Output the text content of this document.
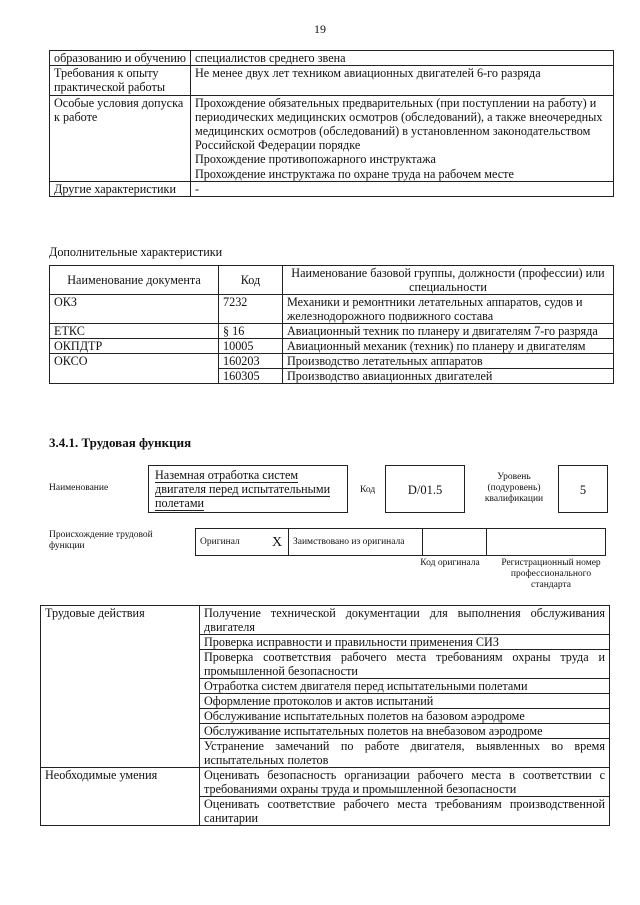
19
образованию и обучению	специалистов среднего звена

Требования к опыту практической работы	Не менее двух лет техником авиационных двигателей 6-го разряда

Особые условия допуска к работе	Прохождение обязательных предварительных (при поступлении на работу) и периодических медицинских осмотров (обследований), а также внеочередных медицинских осмотров (обследований) в установленном законодательством Российской Федерации порядке
Прохождение противопожарного инструктажа
Прохождение инструктажа по охране труда на рабочем месте

Другие характеристики	-
Дополнительные характеристики
Наименование документа	Код	Наименование базовой группы, должности (профессии) или специальности
ОКЗ	7232	Механики и ремонтники летательных аппаратов, судов и железнодорожного подвижного состава
ЕТКС	§ 16	Авиационный техник по планеру и двигателям 7-го разряда
ОКПДТР	10005	Авиационный механик (техник) по планеру и двигателям
ОКСО	160203	Производство летательных аппаратов
	160305	Производство авиационных двигателей
3.4.1. Трудовая функция
Наименование
Наземная отработка систем двигателя перед испытательными полетами
Код	D/01.5
Уровень (подуровень) квалификации
5
Происхождение трудовой функции	Оригинал	X	Заимствовано из оригинала		
Код оригинала	Регистрационный номер профессионального стандарта
Трудовые действия	Получение технической документации для выполнения обслуживания двигателя
	Проверка исправности и правильности применения СИЗ
	Проверка соответствия рабочего места требованиям охраны труда и промышленной безопасности
	Отработка систем двигателя перед испытательными полетами
	Оформление протоколов и актов испытаний
	Обслуживание испытательных полетов на базовом аэродроме
	Обслуживание испытательных полетов на внебазовом аэродроме
	Устранение замечаний по работе двигателя, выявленных во время испытательных полетов
Необходимые умения	Оценивать безопасность организации рабочего места в соответствии с требованиями охраны труда и промышленной безопасности
	Оценивать соответствие рабочего места требованиям производственной санитарии
